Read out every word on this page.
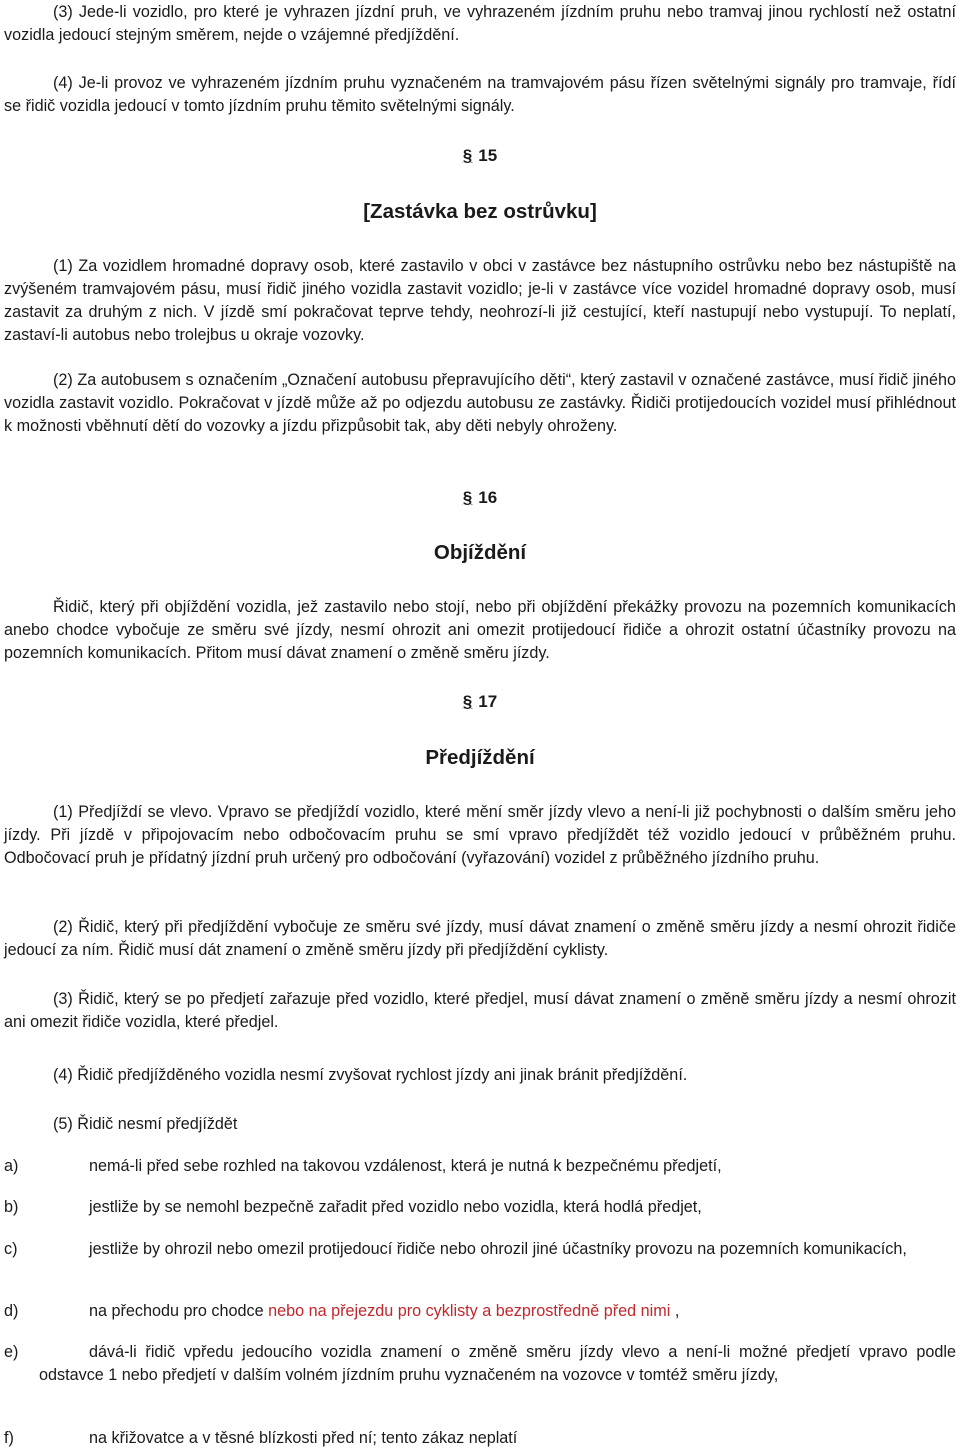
(3) Jede-li vozidlo, pro které je vyhrazen jízdní pruh, ve vyhrazeném jízdním pruhu nebo tramvaj jinou rychlostí než ostatní vozidla jedoucí stejným směrem, nejde o vzájemné předjíždění.

(4) Je-li provoz ve vyhrazeném jízdním pruhu vyznačeném na tramvajovém pásu řízen světelnými signály pro tramvaje, řídí se řidič vozidla jedoucí v tomto jízdním pruhu těmito světelnými signály.

§ 15
[Zastávka bez ostrůvku]

(1) Za vozidlem hromadné dopravy osob, které zastavilo v obci v zastávce bez nástupního ostrůvku nebo bez nástupiště na zvýšeném tramvajovém pásu, musí řidič jiného vozidla zastavit vozidlo; je-li v zastávce více vozidel hromadné dopravy osob, musí zastavit za druhým z nich. V jízdě smí pokračovat teprve tehdy, neohrozí-li již cestující, kteří nastupují nebo vystupují. To neplatí, zastaví-li autobus nebo trolejbus u okraje vozovky.

(2) Za autobusem s označením „Označení autobusu přepravujícího děti“, který zastavil v označené zastávce, musí řidič jiného vozidla zastavit vozidlo. Pokračovat v jízdě může až po odjezdu autobusu ze zastávky. Řidiči protijedoucích vozidel musí přihlédnout k možnosti vběhnutí dětí do vozovky a jízdu přizpůsobit tak, aby děti nebyly ohroženy.

§ 16
Objíždění

Řidič, který při objíždění vozidla, jež zastavilo nebo stojí, nebo při objíždění překážky provozu na pozemních komunikacích anebo chodce vybočuje ze směru své jízdy, nesmí ohrozit ani omezit protijedoucí řidiče a ohrozit ostatní účastníky provozu na pozemních komunikacích. Přitom musí dávat znamení o změně směru jízdy.

§ 17
Předjíždění

(1) Předjíždí se vlevo. Vpravo se předjíždí vozidlo, které mění směr jízdy vlevo a není-li již pochybnosti o dalším směru jeho jízdy. Při jízdě v připojovacím nebo odbočovacím pruhu se smí vpravo předjíždět též vozidlo jedoucí v průběžném pruhu. Odbočovací pruh je přídatný jízdní pruh určený pro odbočování (vyřazování) vozidel z průběžného jízdního pruhu.

(2) Řidič, který při předjíždění vybočuje ze směru své jízdy, musí dávat znamení o změně směru jízdy a nesmí ohrozit řidiče jedoucí za ním. Řidič musí dát znamení o změně směru jízdy při předjíždění cyklisty.

(3) Řidič, který se po předjetí zařazuje před vozidlo, které předjel, musí dávat znamení o změně směru jízdy a nesmí ohrozit ani omezit řidiče vozidla, které předjel.

(4) Řidič předjížděného vozidla nesmí zvyšovat rychlost jízdy ani jinak bránit předjíždění.

(5) Řidič nesmí předjíždět

a)	nemá-li před sebe rozhled na takovou vzdálenost, která je nutná k bezpečnému předjetí,
b)	jestliže by se nemohl bezpečně zařadit před vozidlo nebo vozidla, která hodlá předjet,
c)	jestliže by ohrozil nebo omezil protijedoucí řidiče nebo ohrozil jiné účastníky provozu na pozemních komunikacích,
d)	na přechodu pro chodce nebo na přejezdu pro cyklisty a bezprostředně před nimi ,
e)	dává-li řidič vpředu jedoucího vozidla znamení o změně směru jízdy vlevo a není-li možné předjetí vpravo podle odstavce 1 nebo předjetí v dalším volném jízdním pruhu vyznačeném na vozovce v tomtéž směru jízdy,
f)	na křižovatce a v těsné blízkosti před ní; tento zákaz neplatí
